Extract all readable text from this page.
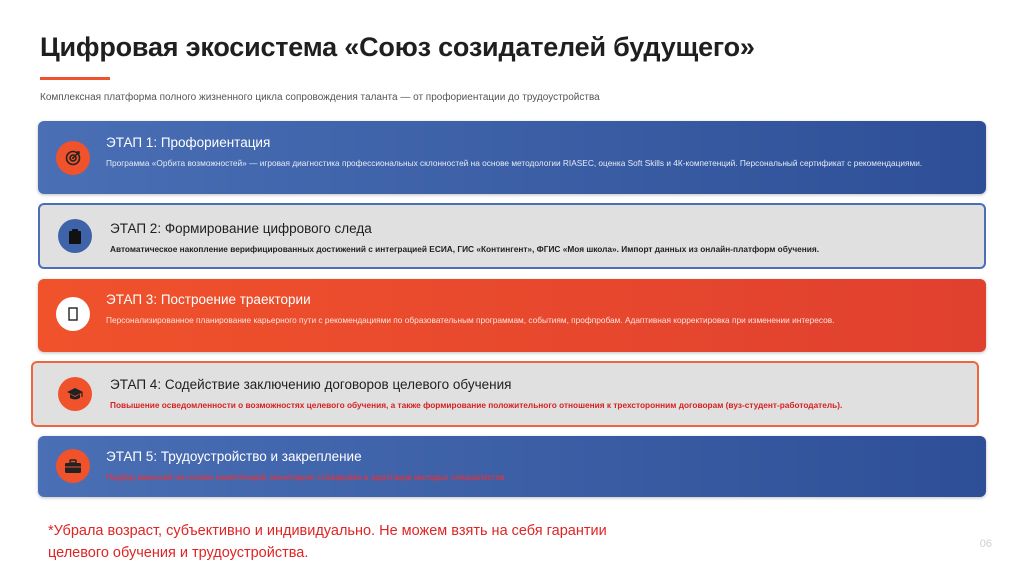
Цифровая экосистема «Союз созидателей будущего»
Комплексная платформа полного жизненного цикла сопровождения таланта — от профориентации до трудоустройства
ЭТАП 1: Профориентация
Программа «Орбита возможностей» — игровая диагностика профессиональных склонностей на основе методологии RIASEC, оценка Soft Skills и 4К-компетенций. Персональный сертификат с рекомендациями.
ЭТАП 2: Формирование цифрового следа
Автоматическое накопление верифицированных достижений с интеграцией ЕСИА, ГИС «Контингент», ФГИС «Моя школа». Импорт данных из онлайн-платформ обучения.
ЭТАП 3: Построение траектории
Персонализированное планирование карьерного пути с рекомендациями по образовательным программам, событиям, профпробам. Адаптивная корректировка при изменении интересов.
ЭТАП 4: Содействие заключению договоров целевого обучения
Повышение осведомленности о возможностях целевого обучения, а также формирование положительного отношения к трехсторонним договорам (вуз-студент-работодатель).
ЭТАП 5: Трудоустройство и закрепление
Подбор вакансий на основе компетенций, мониторинг стажировок и адаптации молодых специалистов
*Убрала возраст, субъективно и индивидуально. Не можем взять на себя гарантии
целевого обучения и трудоустройства.
06
